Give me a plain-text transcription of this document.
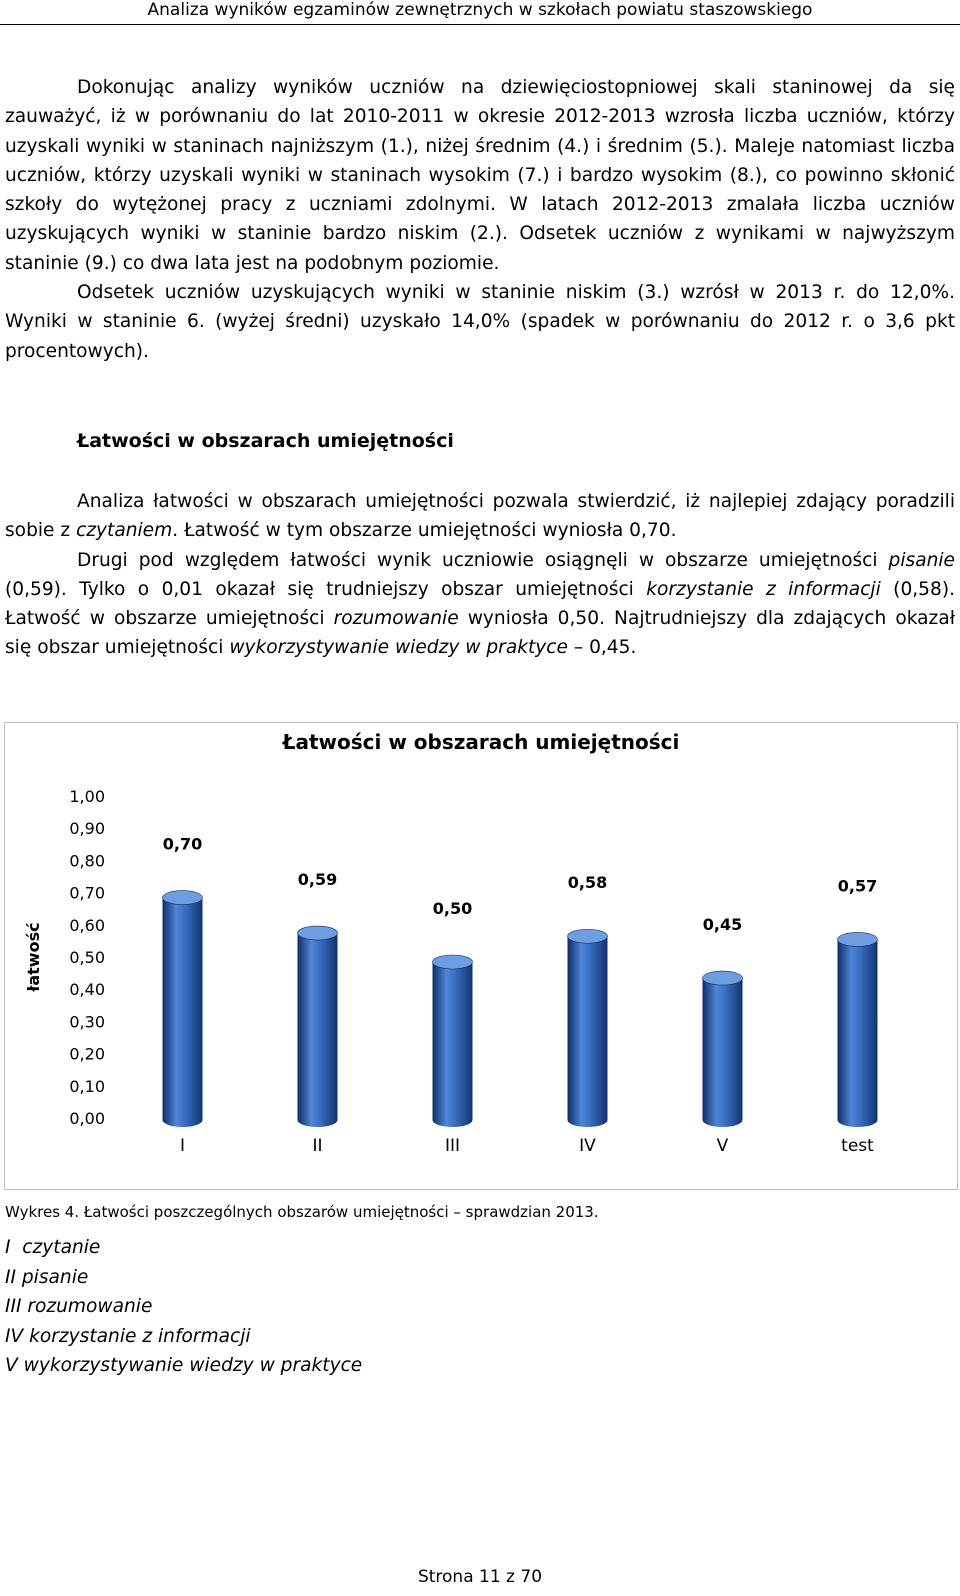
Analiza wyników egzaminów zewnętrznych w szkołach powiatu staszowskiego

Dokonując analizy wyników uczniów na dziewięciostopniowej skali staninowej da się zauważyć, iż w porównaniu do lat 2010-2011 w okresie 2012-2013 wzrosła liczba uczniów, którzy uzyskali wyniki w staninach najniższym (1.), niżej średnim (4.) i średnim (5.). Maleje natomiast liczba uczniów, którzy uzyskali wyniki w staninach wysokim (7.) i bardzo wysokim (8.), co powinno skłonić szkoły do wytężonej pracy z uczniami zdolnymi. W latach 2012-2013 zmalała liczba uczniów uzyskujących wyniki w staninie bardzo niskim (2.). Odsetek uczniów z wynikami w najwyższym staninie (9.) co dwa lata jest na podobnym poziomie.

Odsetek uczniów uzyskujących wyniki w staninie niskim (3.) wzrósł w 2013 r. do 12,0%. Wyniki w staninie 6. (wyżej średni) uzyskało 14,0% (spadek w porównaniu do 2012 r. o 3,6 pkt procentowych).

Łatwości w obszarach umiejętności

Analiza łatwości w obszarach umiejętności pozwala stwierdzić, iż najlepiej zdający poradzili sobie z czytaniem. Łatwość w tym obszarze umiejętności wyniosła 0,70.

Drugi pod względem łatwości wynik uczniowie osiągnęli w obszarze umiejętności pisanie (0,59). Tylko o 0,01 okazał się trudniejszy obszar umiejętności korzystanie z informacji (0,58). Łatwość w obszarze umiejętności rozumowanie wyniosła 0,50. Najtrudniejszy dla zdających okazał się obszar umiejętności wykorzystywanie wiedzy w praktyce – 0,45.

Łatwości w obszarach umiejętności
łatwość
0,00
0,10
0,20
0,30
0,40
0,50
0,60
0,70
0,80
0,90
1,00
0,70
0,59
0,50
0,58
0,45
0,57
I	II	III	IV	V	test
Wykres 4. Łatwości poszczególnych obszarów umiejętności – sprawdzian 2013.
I  czytanie
II pisanie
III rozumowanie
IV korzystanie z informacji
V wykorzystywanie wiedzy w praktyce
Strona 11 z 70
